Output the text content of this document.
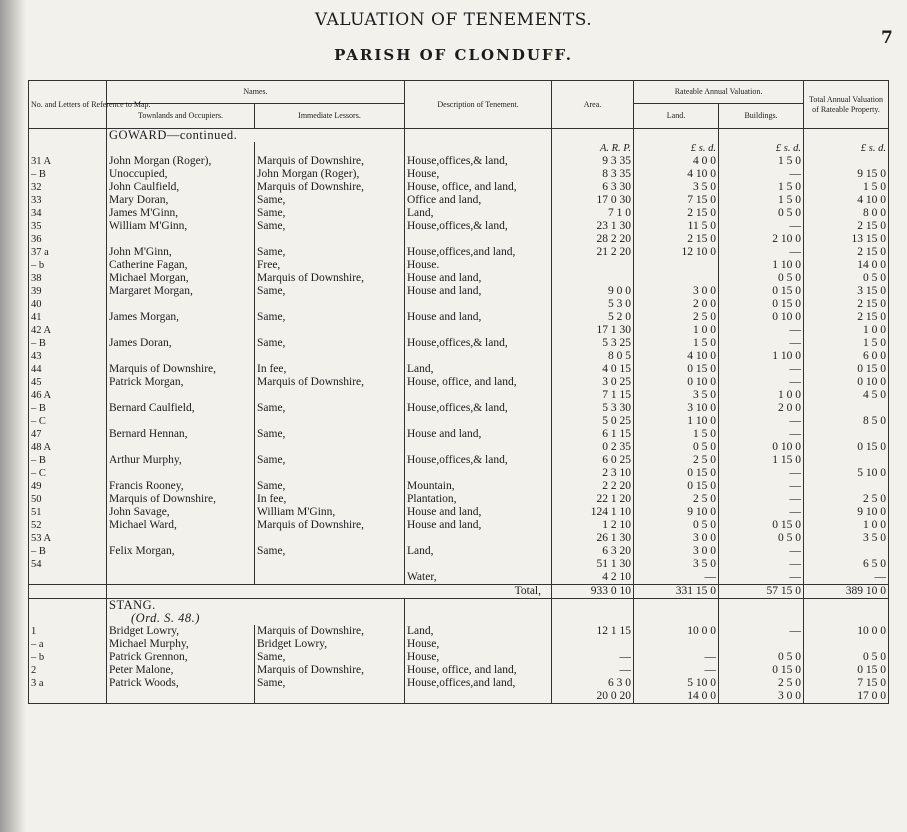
VALUATION OF TENEMENTS.
PARISH OF CLONDUFF.
7
No. and Letters of Reference to Map.	Names.		Description of Tenement.	Area.	Rateable Annual Valuation.		Total Annual Valuation of Rateable Property.
	Townlands and Occupiers.	Immediate Lessors.			Land.	Buildings.	
	GOWARD—continued.						
				A. R. P.	£ s. d.	£ s. d.	£ s. d.
31 A	John Morgan (Roger),	Marquis of Downshire,	House,offices,& land,	9 3 35	4 0 0	1 5 0	
– B	Unoccupied,	John Morgan (Roger),	House,	8 3 35	4 10 0	—	9 15 0
32	John Caulfield,	Marquis of Downshire,	House, office, and land,	6 3 30	3 5 0	1 5 0	1 5 0
33	Mary Doran,	Same,	Office and land,	17 0 30	7 15 0	1 5 0	4 10 0
34	James M'Ginn,	Same,	Land,	7 1 0	2 15 0	0 5 0	8 0 0
35	William M'Ginn,	Same,	House,offices,& land,	23 1 30	11 5 0	—	2 15 0
36				28 2 20	2 15 0	2 10 0	13 15 0
37 a	John M'Ginn,	Same,	House,offices,and land,	21 2 20	12 10 0	—	2 15 0
– b	Catherine Fagan,	Free,	House.			1 10 0	14 0 0
38	Michael Morgan,	Marquis of Downshire,	House and land,			0 5 0	0 5 0
39	Margaret Morgan,	Same,	House and land,	9 0 0	3 0 0	0 15 0	3 15 0
40				5 3 0	2 0 0	0 15 0	2 15 0
41	James Morgan,	Same,	House and land,	5 2 0	2 5 0	0 10 0	2 15 0
42 A				17 1 30	1 0 0	—	1 0 0
– B	James Doran,	Same,	House,offices,& land,	5 3 25	1 5 0	—	1 5 0
43				8 0 5	4 10 0	1 10 0	6 0 0
44	Marquis of Downshire,	In fee,	Land,	4 0 15	0 15 0	—	0 15 0
45	Patrick Morgan,	Marquis of Downshire,	House, office, and land,	3 0 25	0 10 0	—	0 10 0
46 A				7 1 15	3 5 0	1 0 0	4 5 0
– B	Bernard Caulfield,	Same,	House,offices,& land,	5 3 30	3 10 0	2 0 0	
– C				5 0 25	1 10 0	—	8 5 0
47	Bernard Hennan,	Same,	House and land,	6 1 15	1 5 0	—	
48 A				0 2 35	0 5 0	0 10 0	0 15 0
– B	Arthur Murphy,	Same,	House,offices,& land,	6 0 25	2 5 0	1 15 0	
– C				2 3 10	0 15 0	—	5 10 0
49	Francis Rooney,	Same,	Mountain,	2 2 20	0 15 0	—	
50	Marquis of Downshire,	In fee,	Plantation,	22 1 20	2 5 0	—	2 5 0
51	John Savage,	William M'Ginn,	House and land,	124 1 10	9 10 0	—	9 10 0
52	Michael Ward,	Marquis of Downshire,	House and land,	1 2 10	0 5 0	0 15 0	1 0 0
53 A				26 1 30	3 0 0	0 5 0	3 5 0
– B	Felix Morgan,	Same,	Land,	6 3 20	3 0 0	—	
54				51 1 30	3 5 0	—	6 5 0
			Water,	4 2 10	—	—	—
	Total,			933 0 10	331 15 0	57 15 0	389 10 0
	STANG.						
	(Ord. S. 48.)						
1	Bridget Lowry,	Marquis of Downshire,	Land,	12 1 15	10 0 0	—	10 0 0
– a	Michael Murphy,	Bridget Lowry,	House,				
– b	Patrick Grennon,	Same,	House,	—	—	0 5 0	0 5 0
2	Peter Malone,	Marquis of Downshire,	House, office, and land,	—	—	0 15 0	0 15 0
3 a	Patrick Woods,	Same,	House,offices,and land,	6 3 0	5 10 0	2 5 0	7 15 0
				20 0 20	14 0 0	3 0 0	17 0 0
